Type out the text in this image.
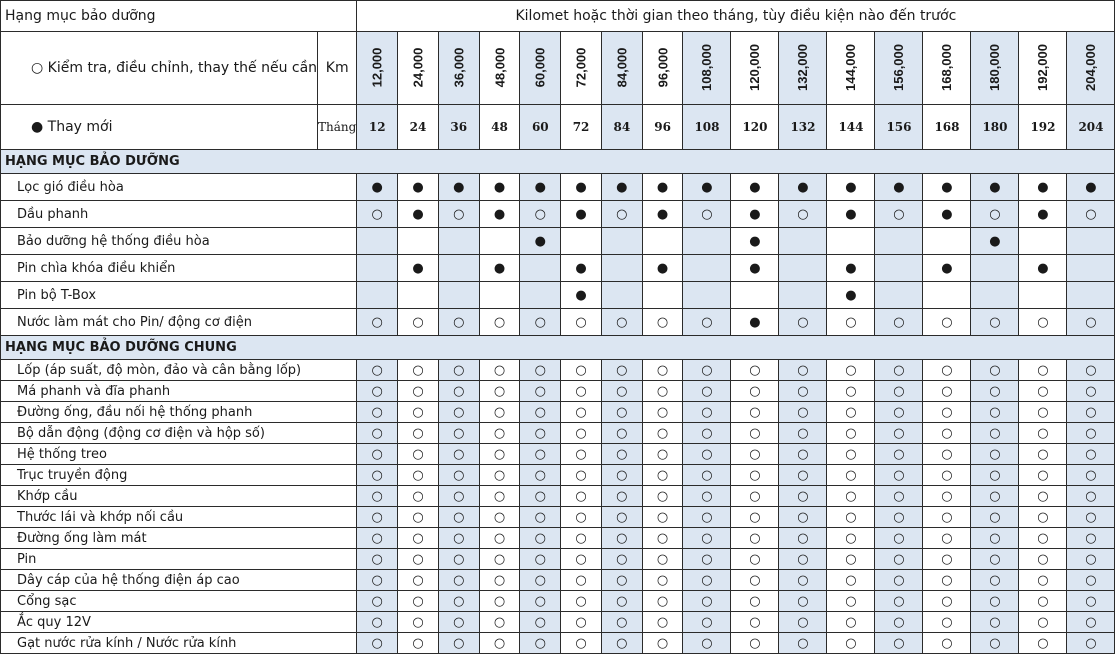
Hạng mục bảo dưỡng		Kilomet hoặc thời gian theo tháng, tùy điều kiện nào đến trước																
○ Kiểm tra, điều chỉnh, thay thế nếu cần	Km	12,000	24,000	36,000	48,000	60,000	72,000	84,000	96,000	108,000	120,000	132,000	144,000	156,000	168,000	180,000	192,000	204,000
● Thay mới	Tháng	12	24	36	48	60	72	84	96	108	120	132	144	156	168	180	192	204
HẠNG MỤC BẢO DƯỠNG																		
Lọc gió điều hòa		●	●	●	●	●	●	●	●	●	●	●	●	●	●	●	●	●
Dầu phanh		○	●	○	●	○	●	○	●	○	●	○	●	○	●	○	●	○
Bảo dưỡng hệ thống điều hòa						●					●					●		
Pin chìa khóa điều khiển			●		●		●		●		●		●		●		●	
Pin bộ T-Box							●						●					
Nước làm mát cho Pin/ động cơ điện		○	○	○	○	○	○	○	○	○	●	○	○	○	○	○	○	○
HẠNG MỤC BẢO DƯỠNG CHUNG																		
Lốp (áp suất, độ mòn, đảo và cân bằng lốp)		○	○	○	○	○	○	○	○	○	○	○	○	○	○	○	○	○
Má phanh và đĩa phanh		○	○	○	○	○	○	○	○	○	○	○	○	○	○	○	○	○
Đường ống, đầu nối hệ thống phanh		○	○	○	○	○	○	○	○	○	○	○	○	○	○	○	○	○
Bộ dẫn động (động cơ điện và hộp số)		○	○	○	○	○	○	○	○	○	○	○	○	○	○	○	○	○
Hệ thống treo		○	○	○	○	○	○	○	○	○	○	○	○	○	○	○	○	○
Trục truyền động		○	○	○	○	○	○	○	○	○	○	○	○	○	○	○	○	○
Khớp cầu		○	○	○	○	○	○	○	○	○	○	○	○	○	○	○	○	○
Thước lái và khớp nối cầu		○	○	○	○	○	○	○	○	○	○	○	○	○	○	○	○	○
Đường ống làm mát		○	○	○	○	○	○	○	○	○	○	○	○	○	○	○	○	○
Pin		○	○	○	○	○	○	○	○	○	○	○	○	○	○	○	○	○
Dây cáp của hệ thống điện áp cao		○	○	○	○	○	○	○	○	○	○	○	○	○	○	○	○	○
Cổng sạc		○	○	○	○	○	○	○	○	○	○	○	○	○	○	○	○	○
Ắc quy 12V		○	○	○	○	○	○	○	○	○	○	○	○	○	○	○	○	○
Gạt nước rửa kính / Nước rửa kính		○	○	○	○	○	○	○	○	○	○	○	○	○	○	○	○	○
